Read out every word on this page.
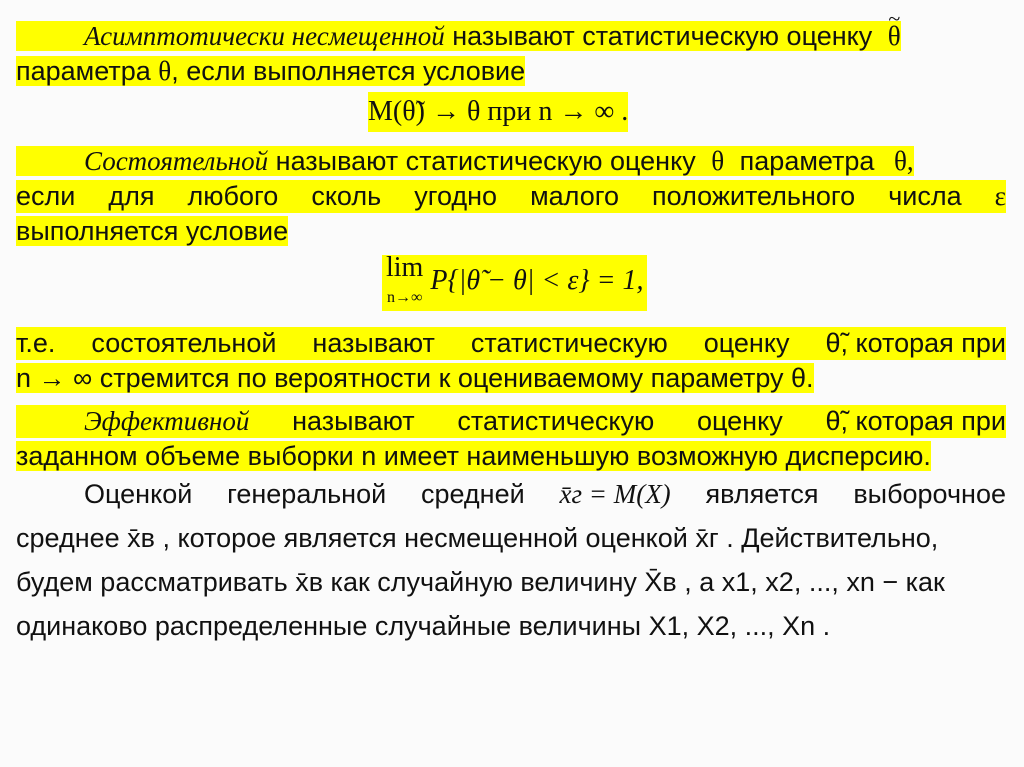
Асимптотически несмещенной называют статистическую оценку ~ θ
параметра θ, если выполняется условие
M(θ̃) → θ при n → ∞ .
Состоятельной называют статистическую оценку θ параметра θ,
если для любого сколь угодно малого положительного числа ε
выполняется условие
lim
n→∞ P{|θ̃ − θ| < ε} = 1,
т.е. состоятельной называют статистическую оценку θ̃, которая при
n → ∞ стремится по вероятности к оцениваемому параметру θ.
Эффективной называют статистическую оценку θ̃, которая при
заданном объеме выборки n имеет наименьшую возможную дисперсию.
Оценкой генеральной средней x̄г = M(X) является выборочное
среднее x̄в , которое является несмещенной оценкой x̄г . Действительно,
будем рассматривать x̄в как случайную величину X̄в , а x1, x2, ..., xn − как
одинаково распределенные случайные величины X1, X2, ..., Xn .
